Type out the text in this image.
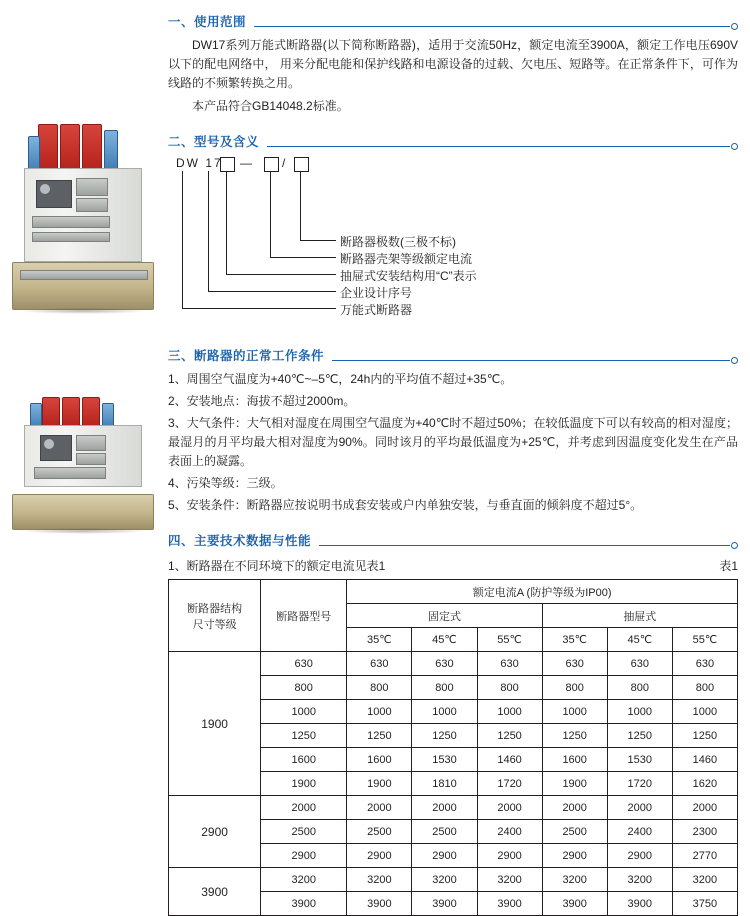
一、使用范围

DW17系列万能式断路器(以下简称断路器)，适用于交流50Hz，额定电流至3900A，额定工作电压690V以下的配电网络中， 用来分配电能和保护线路和电源设备的过载、欠电压、短路等。在正常条件下，可作为线路的不频繁转换之用。

本产品符合GB14048.2标准。

二、型号及含义
DW 17 —	/
断路器极数(三极不标)
断路器壳架等级额定电流
抽屉式安装结构用“C”表示
企业设计序号
万能式断路器
三、断路器的正常工作条件
1、周围空气温度为+40℃~–5℃，24h内的平均值不超过+35℃。
2、安装地点：海拔不超过2000m。
3、大气条件：大气相对湿度在周围空气温度为+40℃时不超过50%；在较低温度下可以有较高的相对湿度；最湿月的月平均最大相对湿度为90%。同时该月的平均最低温度为+25℃，并考虑到因温度变化发生在产品表面上的凝露。
4、污染等级：三级。
5、安装条件：断路器应按说明书成套安装或户内单独安装，与垂直面的倾斜度不超过5°。
四、主要技术数据与性能
1、断路器在不同环境下的额定电流见表1	表1
断路器结构
尺寸等级	断路器型号	额定电流A (防护等级为IP00)					
		固定式			抽屉式		
		35℃	45℃	55℃	35℃	45℃	55℃
1900	630	630	630	630	630	630	630
	800	800	800	800	800	800	800
	1000	1000	1000	1000	1000	1000	1000
	1250	1250	1250	1250	1250	1250	1250
	1600	1600	1530	1460	1600	1530	1460
	1900	1900	1810	1720	1900	1720	1620
2900	2000	2000	2000	2000	2000	2000	2000
	2500	2500	2500	2400	2500	2400	2300
	2900	2900	2900	2900	2900	2900	2770
3900	3200	3200	3200	3200	3200	3200	3200
	3900	3900	3900	3900	3900	3900	3750
